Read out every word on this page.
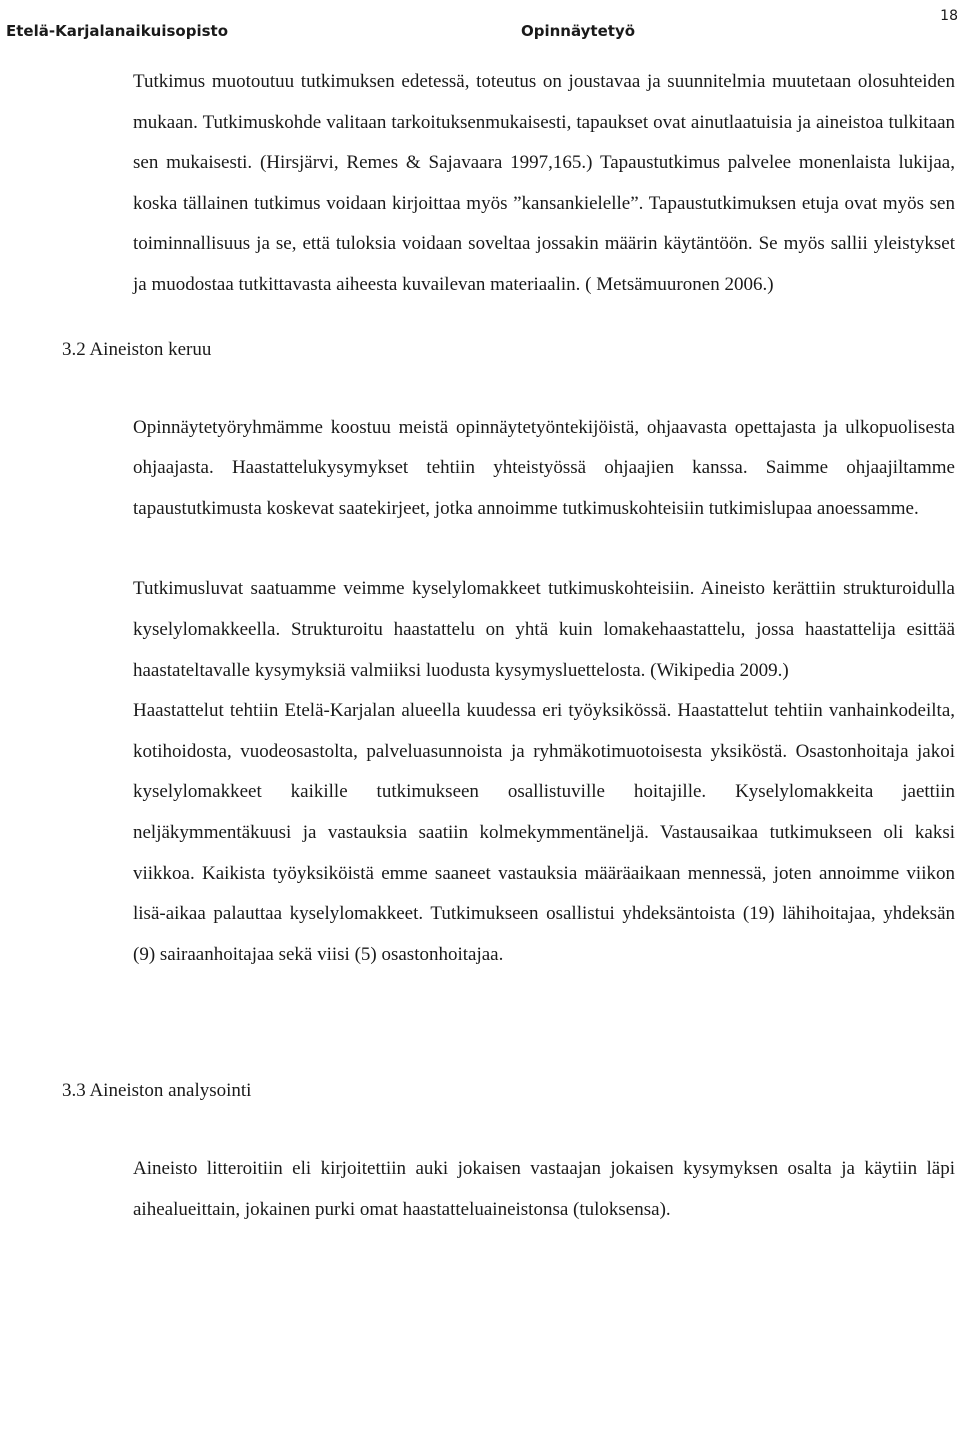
Etelä-Karjalanaikuisopisto	Opinnäytetyö
18

Tutkimus muotoutuu tutkimuksen edetessä, toteutus on joustavaa ja suunnitelmia muutetaan olosuhteiden mukaan. Tutkimuskohde valitaan tarkoituksenmukaisesti, tapaukset ovat ainutlaatuisia ja aineistoa tulkitaan sen mukaisesti. (Hirsjärvi, Remes & Sajavaara 1997,165.) Tapaustutkimus palvelee monenlaista lukijaa, koska tällainen tutkimus voidaan kirjoittaa myös ”kansankielelle”. Tapaustutkimuksen etuja ovat myös sen toiminnallisuus ja se, että tuloksia voidaan soveltaa jossakin määrin käytäntöön. Se myös sallii yleistykset ja muodostaa tutkittavasta aiheesta kuvailevan materiaalin. ( Metsämuuronen 2006.)

3.2 Aineiston keruu

Opinnäytetyöryhmämme koostuu meistä opinnäytetyöntekijöistä, ohjaavasta opettajasta ja ulkopuolisesta ohjaajasta. Haastattelukysymykset tehtiin yhteistyössä ohjaajien kanssa. Saimme ohjaajiltamme tapaustutkimusta koskevat saatekirjeet, jotka annoimme tutkimuskohteisiin tutkimislupaa anoessamme.

Tutkimusluvat saatuamme veimme kyselylomakkeet tutkimuskohteisiin. Aineisto kerättiin strukturoidulla kyselylomakkeella. Strukturoitu haastattelu on yhtä kuin lomakehaastattelu, jossa haastattelija esittää haastateltavalle kysymyksiä valmiiksi luodusta kysymysluettelosta. (Wikipedia 2009.)

Haastattelut tehtiin Etelä-Karjalan alueella kuudessa eri työyksikössä. Haastattelut tehtiin vanhainkodeilta, kotihoidosta, vuodeosastolta, palveluasunnoista ja ryhmäkotimuotoisesta yksiköstä. Osastonhoitaja jakoi kyselylomakkeet kaikille tutkimukseen osallistuville hoitajille. Kyselylomakkeita jaettiin neljäkymmentäkuusi ja vastauksia saatiin kolmekymmentäneljä. Vastausaikaa tutkimukseen oli kaksi viikkoa. Kaikista työyksiköistä emme saaneet vastauksia määräaikaan mennessä, joten annoimme viikon lisä-aikaa palauttaa kyselylomakkeet. Tutkimukseen osallistui yhdeksäntoista (19) lähihoitajaa, yhdeksän (9) sairaanhoitajaa sekä viisi (5) osastonhoitajaa.

3.3 Aineiston analysointi

Aineisto litteroitiin eli kirjoitettiin auki jokaisen vastaajan jokaisen kysymyksen osalta ja käytiin läpi aihealueittain, jokainen purki omat haastatteluaineistonsa (tuloksensa).
